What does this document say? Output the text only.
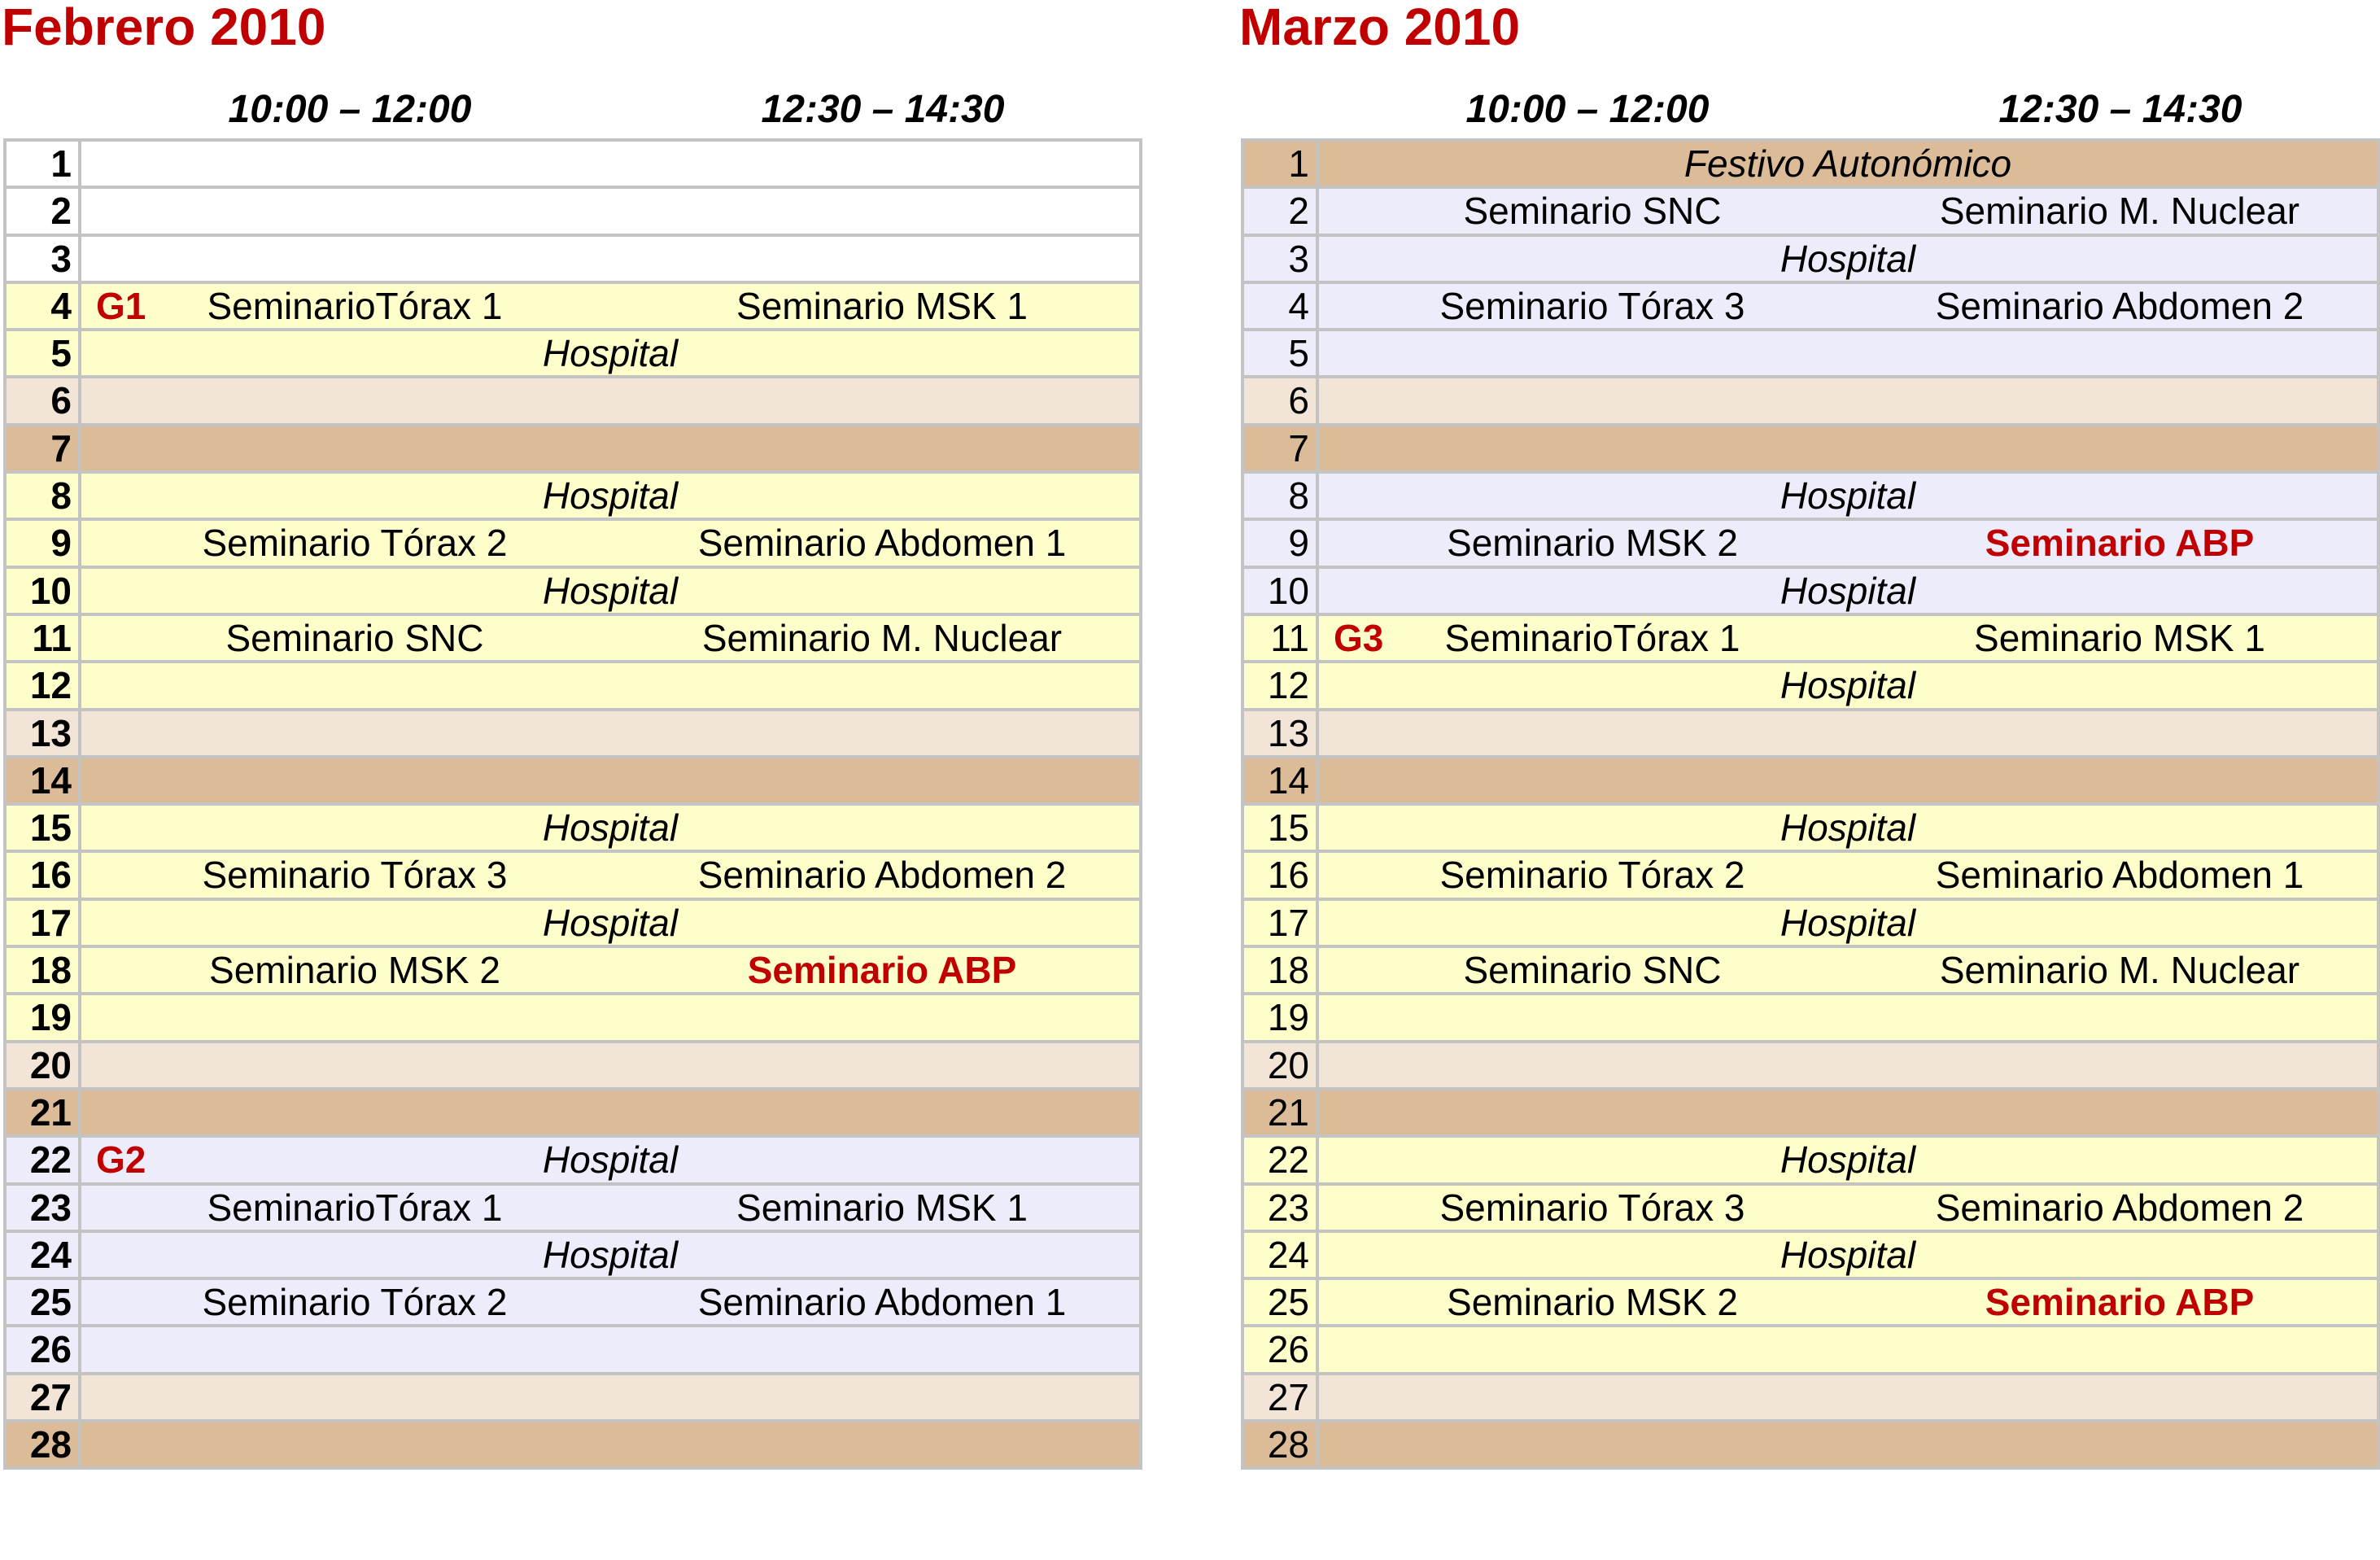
Febrero 2010
10:00 – 12:00	12:30 – 14:30
1
2
3
4 G1	SeminarioTórax 1	Seminario MSK 1
5	Hospital
6
7
8	Hospital
9	Seminario Tórax 2	Seminario Abdomen 1
10	Hospital
11	Seminario SNC	Seminario M. Nuclear
12
13
14
15	Hospital
16	Seminario Tórax 3	Seminario Abdomen 2
17	Hospital
18	Seminario MSK 2	Seminario ABP
19
20
21
22 G2	Hospital
23	SeminarioTórax 1	Seminario MSK 1
24	Hospital
25	Seminario Tórax 2	Seminario Abdomen 1
26
27
28
Marzo 2010
10:00 – 12:00	12:30 – 14:30
1	Festivo Autonómico
2	Seminario SNC	Seminario M. Nuclear
3	Hospital
4	Seminario Tórax 3	Seminario Abdomen 2
5
6
7
8	Hospital
9	Seminario MSK 2	Seminario ABP
10	Hospital
11 G3	SeminarioTórax 1	Seminario MSK 1
12	Hospital
13
14
15	Hospital
16	Seminario Tórax 2	Seminario Abdomen 1
17	Hospital
18	Seminario SNC	Seminario M. Nuclear
19
20
21
22	Hospital
23	Seminario Tórax 3	Seminario Abdomen 2
24	Hospital
25	Seminario MSK 2	Seminario ABP
26
27
28
